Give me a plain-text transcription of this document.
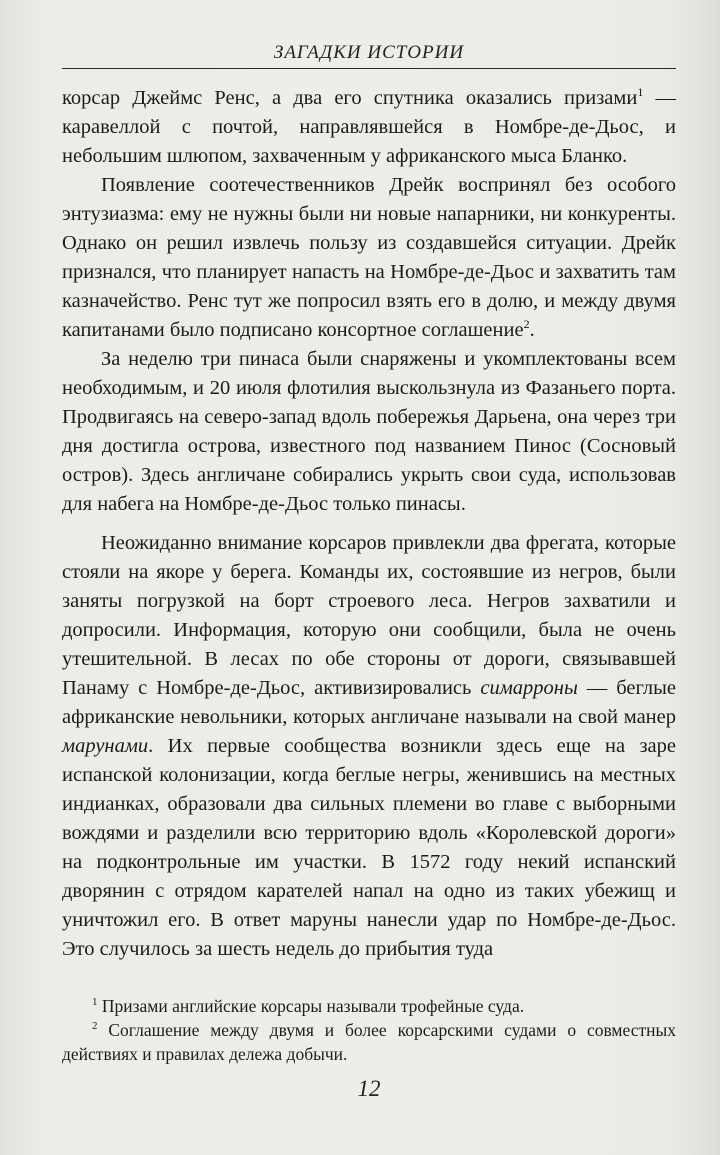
ЗАГАДКИ ИСТОРИИ

корсар Джеймс Ренс, а два его спутника оказались призами$^1$ — каравеллой с почтой, направлявшейся в Номбре-де-Дьос, и небольшим шлюпом, захваченным у африканского мыса Бланко.

Появление соотечественников Дрейк воспринял без особого энтузиазма: ему не нужны были ни новые напарники, ни конкуренты. Однако он решил извлечь пользу из создавшейся ситуации. Дрейк признался, что планирует напасть на Номбре-де-Дьос и захватить там казначейство. Ренс тут же попросил взять его в долю, и между двумя капитанами было подписано консортное соглашение$^2$.

За неделю три пинаса были снаряжены и укомплектованы всем необходимым, и 20 июля флотилия выскользнула из Фазаньего порта. Продвигаясь на северо-запад вдоль побережья Дарьена, она через три дня достигла острова, известного под названием Пинос (Сосновый остров). Здесь англичане собирались укрыть свои суда, использовав для набега на Номбре-де-Дьос только пинасы.

Неожиданно внимание корсаров привлекли два фрегата, которые стояли на якоре у берега. Команды их, состоявшие из негров, были заняты погрузкой на борт строевого леса. Негров захватили и допросили. Информация, которую они сообщили, была не очень утешительной. В лесах по обе стороны от дороги, связывавшей Панаму с Номбре-де-Дьос, активизировались симарроны — беглые африканские невольники, которых англичане называли на свой манер марунами. Их первые сообщества возникли здесь еще на заре испанской колонизации, когда беглые негры, женившись на местных индианках, образовали два сильных племени во главе с выборными вождями и разделили всю территорию вдоль «Королевской дороги» на подконтрольные им участки. В 1572 году некий испанский дворянин с отрядом карателей напал на одно из таких убежищ и уничтожил его. В ответ маруны нанесли удар по Номбре-де-Дьос. Это случилось за шесть недель до прибытия туда

$^1$ Призами английские корсары называли трофейные суда.

$^2$ Соглашение между двумя и более корсарскими судами о совместных действиях и правилах дележа добычи.

12
